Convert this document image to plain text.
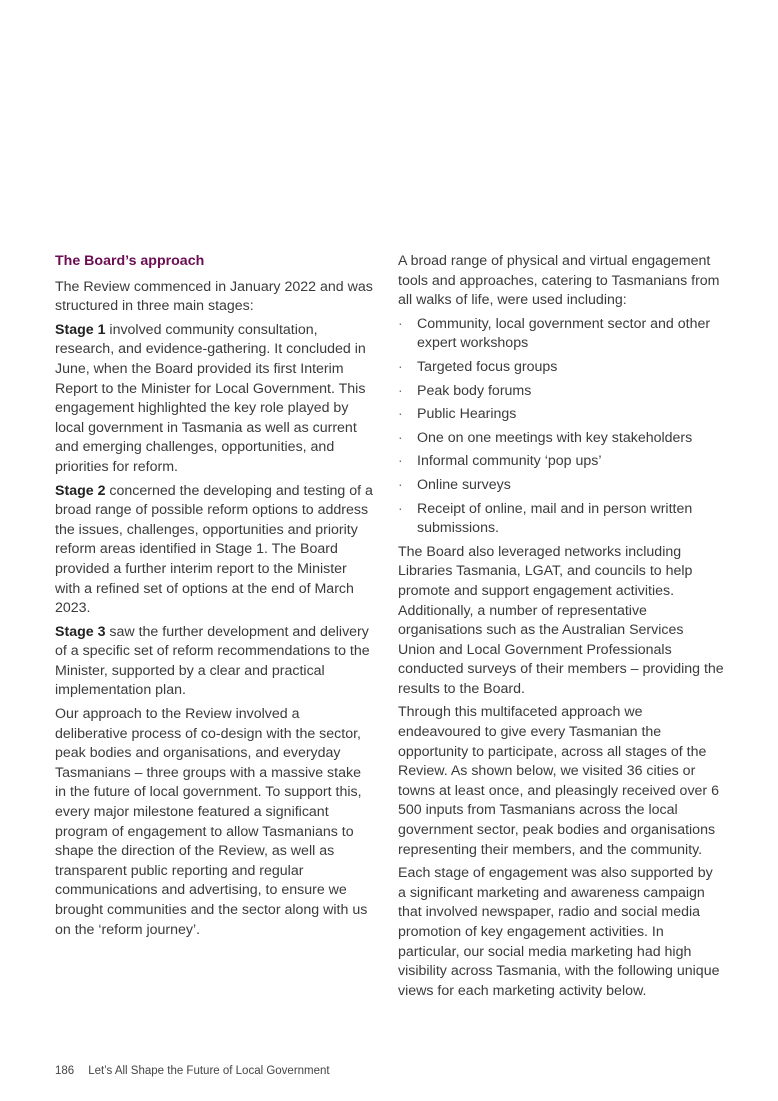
The Board’s approach

The Review commenced in January 2022 and was structured in three main stages:

Stage 1 involved community consultation, research, and evidence-gathering. It concluded in June, when the Board provided its first Interim Report to the Minister for Local Government. This engagement highlighted the key role played by local government in Tasmania as well as current and emerging challenges, opportunities, and priorities for reform.

Stage 2 concerned the developing and testing of a broad range of possible reform options to address the issues, challenges, opportunities and priority reform areas identified in Stage 1. The Board provided a further interim report to the Minister with a refined set of options at the end of March 2023.

Stage 3 saw the further development and delivery of a specific set of reform recommendations to the Minister, supported by a clear and practical implementation plan.

Our approach to the Review involved a deliberative process of co-design with the sector, peak bodies and organisations, and everyday Tasmanians – three groups with a massive stake in the future of local government. To support this, every major milestone featured a significant program of engagement to allow Tasmanians to shape the direction of the Review, as well as transparent public reporting and regular communications and advertising, to ensure we brought communities and the sector along with us on the ‘reform journey’.

A broad range of physical and virtual engagement tools and approaches, catering to Tasmanians from all walks of life, were used including:

· Community, local government sector and other expert workshops
· Targeted focus groups
· Peak body forums
· Public Hearings
· One on one meetings with key stakeholders
· Informal community ‘pop ups’
· Online surveys
· Receipt of online, mail and in person written submissions.

The Board also leveraged networks including Libraries Tasmania, LGAT, and councils to help promote and support engagement activities. Additionally, a number of representative organisations such as the Australian Services Union and Local Government Professionals conducted surveys of their members – providing the results to the Board.

Through this multifaceted approach we endeavoured to give every Tasmanian the opportunity to participate, across all stages of the Review. As shown below, we visited 36 cities or towns at least once, and pleasingly received over 6 500 inputs from Tasmanians across the local government sector, peak bodies and organisations representing their members, and the community.

Each stage of engagement was also supported by a significant marketing and awareness campaign that involved newspaper, radio and social media promotion of key engagement activities. In particular, our social media marketing had high visibility across Tasmania, with the following unique views for each marketing activity below.

186 Let’s All Shape the Future of Local Government
